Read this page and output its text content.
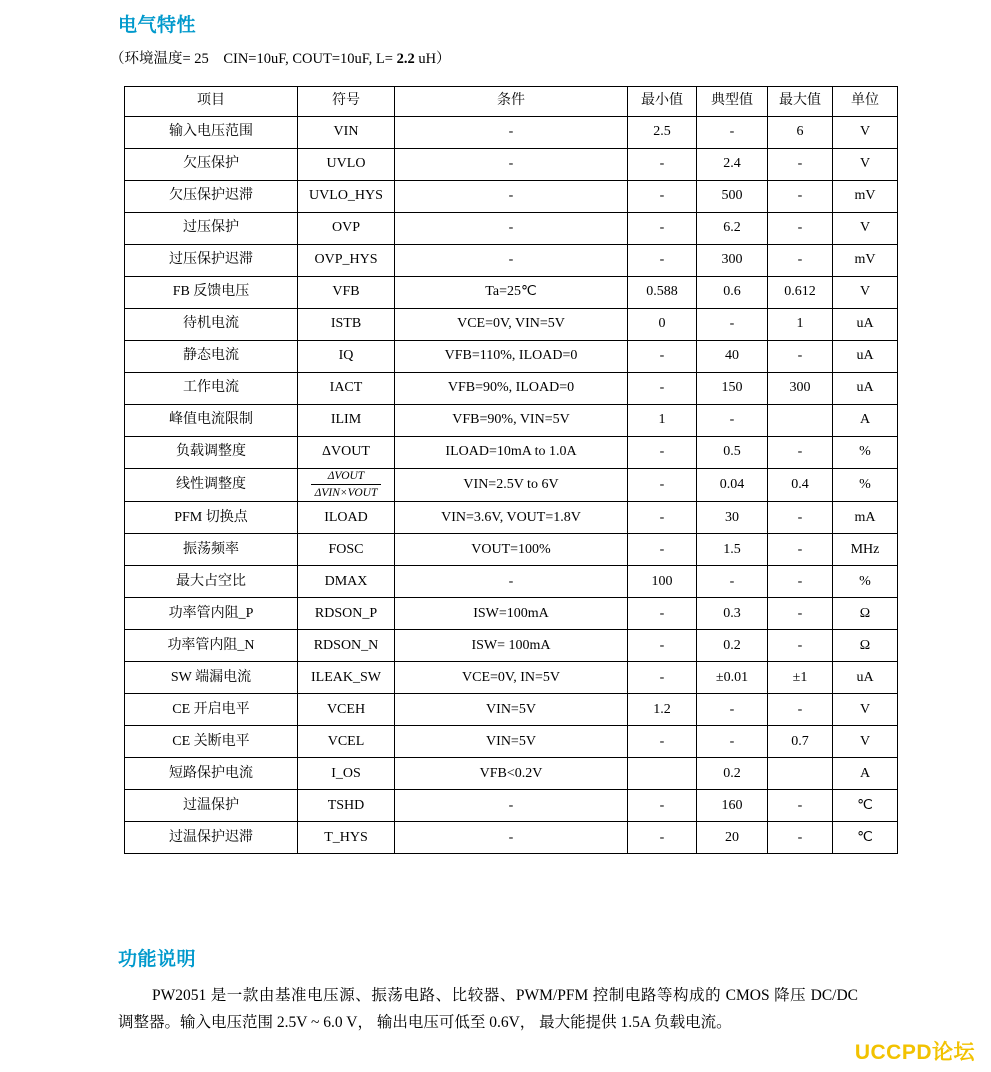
电气特性
（环境温度= 25 CIN=10uF, COUT=10uF, L= 2.2 uH）
项目	符号	条件	最小值	典型值	最大值	单位
输入电压范围	VIN	-	2.5	-	6	V
欠压保护	UVLO	-	-	2.4	-	V
欠压保护迟滞	UVLO_HYS	-	-	500	-	mV
过压保护	OVP	-	-	6.2	-	V
过压保护迟滞	OVP_HYS	-	-	300	-	mV
FB 反馈电压	VFB	Ta=25℃	0.588	0.6	0.612	V
待机电流	ISTB	VCE=0V, VIN=5V	0	-	1	uA
静态电流	IQ	VFB=110%, ILOAD=0	-	40	-	uA
工作电流	IACT	VFB=90%, ILOAD=0	-	150	300	uA
峰值电流限制	ILIM	VFB=90%, VIN=5V	1	-		A
负载调整度	ΔVOUT	ILOAD=10mA to 1.0A	-	0.5	-	%
线性调整度	$\frac{\text{ΔVOUT}}{\text{ΔVIN×VOUT}}$	VIN=2.5V to 6V	-	0.04	0.4	%
PFM 切换点	ILOAD	VIN=3.6V, VOUT=1.8V	-	30	-	mA
振荡频率	FOSC	VOUT=100%	-	1.5	-	MHz
最大占空比	DMAX	-	100	-	-	%
功率管内阻_P	RDSON_P	ISW=100mA	-	0.3	-	Ω
功率管内阻_N	RDSON_N	ISW= 100mA	-	0.2	-	Ω
SW 端漏电流	ILEAK_SW	VCE=0V, IN=5V	-	±0.01	±1	uA
CE 开启电平	VCEH	VIN=5V	1.2	-	-	V
CE 关断电平	VCEL	VIN=5V	-	-	0.7	V
短路保护电流	I_OS	VFB<0.2V		0.2		A
过温保护	TSHD	-	-	160	-	℃
过温保护迟滞	T_HYS	-	-	20	-	℃
功能说明
PW2051 是一款由基准电压源、振荡电路、比较器、PWM/PFM 控制电路等构成的 CMOS 降压 DC/DC 调整器。输入电压范围 2.5V ~ 6.0 V， 输出电压可低至 0.6V， 最大能提供 1.5A 负载电流。
UCCPD论坛
